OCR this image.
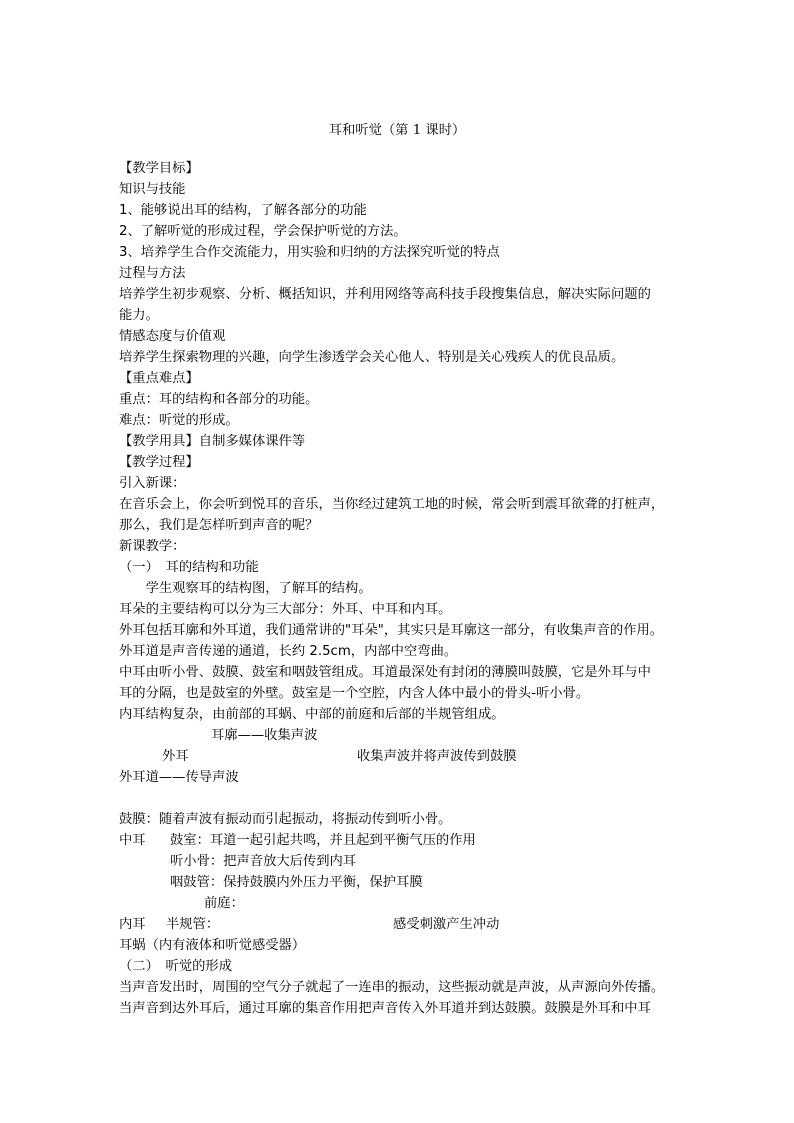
耳和听觉（第 1 课时）
【教学目标】
知识与技能
1、能够说出耳的结构，了解各部分的功能
2、了解听觉的形成过程，学会保护听觉的方法。
3、培养学生合作交流能力，用实验和归纳的方法探究听觉的特点
过程与方法
培养学生初步观察、分析、概括知识，并利用网络等高科技手段搜集信息，解决实际问题的
能力。
情感态度与价值观
培养学生探索物理的兴趣，向学生渗透学会关心他人、特别是关心残疾人的优良品质。
【重点难点】
重点：耳的结构和各部分的功能。
难点：听觉的形成。
【教学用具】自制多媒体课件等
【教学过程】
引入新课：
在音乐会上，你会听到悦耳的音乐，当你经过建筑工地的时候，常会听到震耳欲聋的打桩声，
那么，我们是怎样听到声音的呢？
新课教学：
（一）　耳的结构和功能
　　学生观察耳的结构图，了解耳的结构。
耳朵的主要结构可以分为三大部分：外耳、中耳和内耳。
外耳包括耳廓和外耳道，我们通常讲的"耳朵"，其实只是耳廓这一部分，有收集声音的作用。
外耳道是声音传递的通道，长约 2.5cm，内部中空弯曲。
中耳由听小骨、鼓膜、鼓室和咽鼓管组成。耳道最深处有封闭的薄膜叫鼓膜，它是外耳与中
耳的分隔，也是鼓室的外壁。鼓室是一个空腔，内含人体中最小的骨头-听小骨。
内耳结构复杂，由前部的耳蜗、中部的前庭和后部的半规管组成。
耳廓——收集声波
外耳	收集声波并将声波传到鼓膜
外耳道——传导声波
鼓膜：随着声波有振动而引起振动，将振动传到听小骨。
中耳 鼓室：耳道一起引起共鸣，并且起到平衡气压的作用
听小骨：把声音放大后传到内耳
咽鼓管：保持鼓膜内外压力平衡，保护耳膜
前庭：
内耳 半规管：	感受刺激产生冲动
耳蜗（内有液体和听觉感受器）
（二）　听觉的形成
当声音发出时，周围的空气分子就起了一连串的振动，这些振动就是声波，从声源向外传播。
当声音到达外耳后，通过耳廓的集音作用把声音传入外耳道并到达鼓膜。鼓膜是外耳和中耳
